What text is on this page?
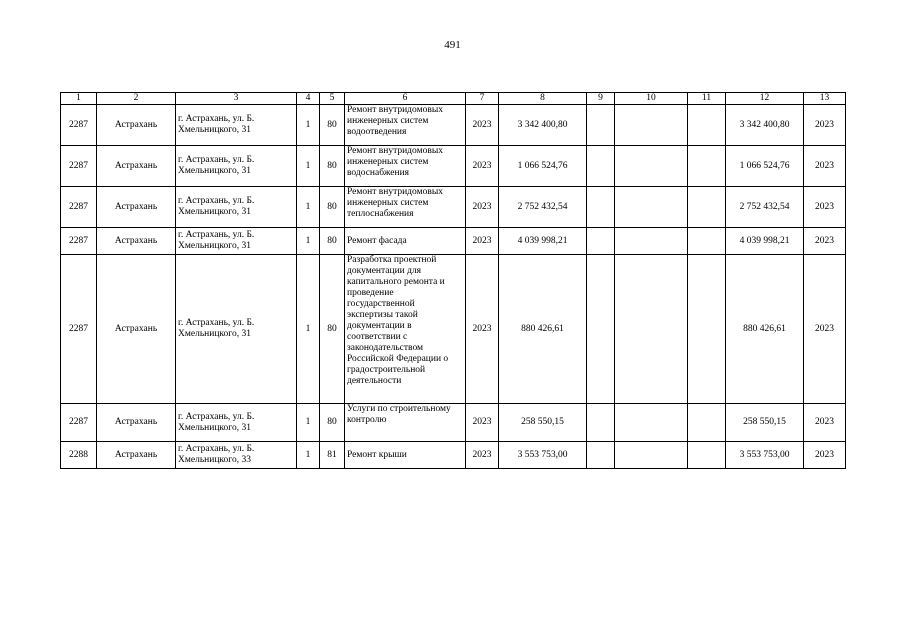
491
1	2	3	4	5	6	7	8	9	10	11	12	13
2287	Астрахань	г. Астрахань, ул. Б. Хмельницкого, 31	1	80	Ремонт внутридомовых инженерных систем водоотведения	2023	3 342 400,80				3 342 400,80	2023
2287	Астрахань	г. Астрахань, ул. Б. Хмельницкого, 31	1	80	Ремонт внутридомовых инженерных систем водоснабжения	2023	1 066 524,76				1 066 524,76	2023
2287	Астрахань	г. Астрахань, ул. Б. Хмельницкого, 31	1	80	Ремонт внутридомовых инженерных систем теплоснабжения	2023	2 752 432,54				2 752 432,54	2023
2287	Астрахань	г. Астрахань, ул. Б. Хмельницкого, 31	1	80	Ремонт фасада	2023	4 039 998,21				4 039 998,21	2023
2287	Астрахань	г. Астрахань, ул. Б. Хмельницкого, 31	1	80	Разработка проектной документации для капитального ремонта и проведение государственной экспертизы такой документации в соответствии с законодательством Российской Федерации о градостроительной деятельности	2023	880 426,61				880 426,61	2023
2287	Астрахань	г. Астрахань, ул. Б. Хмельницкого, 31	1	80	Услуги по строительному контролю	2023	258 550,15				258 550,15	2023
2288	Астрахань	г. Астрахань, ул. Б. Хмельницкого, 33	1	81	Ремонт крыши	2023	3 553 753,00				3 553 753,00	2023
